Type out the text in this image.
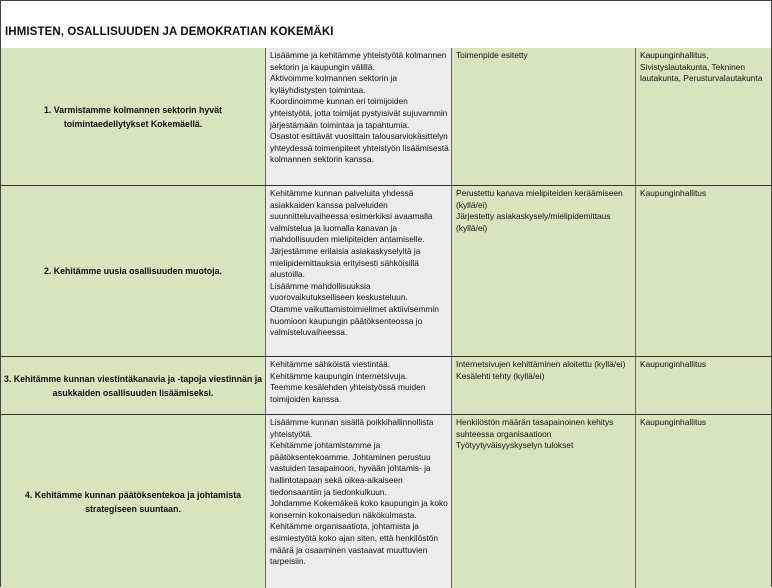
IHMISTEN, OSALLISUUDEN JA DEMOKRATIAN KOKEMÄKI
1. Varmistamme kolmannen sektorin hyvät
toimintaedellytykset Kokemäellä.
Lisäämme ja kehitämme yhteistyötä kolmannen
sektorin ja kaupungin välillä.
Aktivoimme kolmannen sektorin ja
kyläyhdistysten toimintaa.
Koordinoimme kunnan eri toimijoiden
yhteistyötä, jotta toimijat pystyisivät sujuvammin
järjestämään toimintaa ja tapahtumia.
Osastot esittävät vuosittain talousarviokäsittelyn
yhteydessä toimenpiteet yhteistyön lisäämisestä
kolmannen sektorin kanssa.
Toimenpide esitetty	Kaupunginhallitus,
Sivistyslautakunta, Tekninen
lautakunta, Perusturvalautakunta
2. Kehitämme uusia osallisuuden muotoja.
Kehitämme kunnan palveluita yhdessä
asiakkaiden kanssa palveluiden
suunnitteluvaiheessa esimerkiksi avaamalla
valmistelua ja luomalla kanavan ja
mahdollisuuden mielipiteiden antamiselle.
Järjestämme erilaisia asiakaskyselyitä ja
mielipidemittauksia erityisesti sähköisillä
alustoilla.
Lisäämme mahdollisuuksia
vuorovaikutukselliseen keskusteluun.
Otamme vaikuttamistoimielimet aktiivisemmin
huomioon kaupungin päätöksenteossa jo
valmisteluvaiheessa.
Perustettu kanava mielipiteiden keräämiseen
(kyllä/ei)
Järjestetty asiakaskysely/mielipidemittaus
(kyllä/ei)
Kaupunginhallitus
3. Kehitämme kunnan viestintäkanavia ja -tapoja viestinnän ja
asukkaiden osallisuuden lisäämiseksi.
Kehitämme sähköistä viestintää.
Kehitämme kaupungin internetsivuja.
Teemme kesälehden yhteistyössä muiden
toimijoiden kanssa.
Internetsivujen kehittäminen aloitettu (kyllä/ei)
Kesälehti tehty (kyllä/ei)
Kaupunginhallitus
4. Kehitämme kunnan päätöksentekoa ja johtamista
strategiseen suuntaan.
Lisäämme kunnan sisällä poikkihallinnollista
yhteistyötä.
Kehitämme johtamistamme ja
päätöksentekoamme. Johtaminen perustuu
vastuiden tasapainoon, hyvään johtamis- ja
hallintotapaan sekä oikea-aikaiseen
tiedonsaantiin ja tiedonkulkuun.
Johdamme Kokemäkeä koko kaupungin ja koko
konsernin kokonaisedun näkökulmasta.
Kehitämme organisaatiota, johtamista ja
esimiestyötä koko ajan siten, että henkilöstön
määrä ja osaaminen vastaavat muuttuvien
tarpeisiin.
Henkilöstön määrän tasapainoinen kehitys
suhteessa organisaatioon
Työtyytyväisyyskyselyn tulokset
Kaupunginhallitus
